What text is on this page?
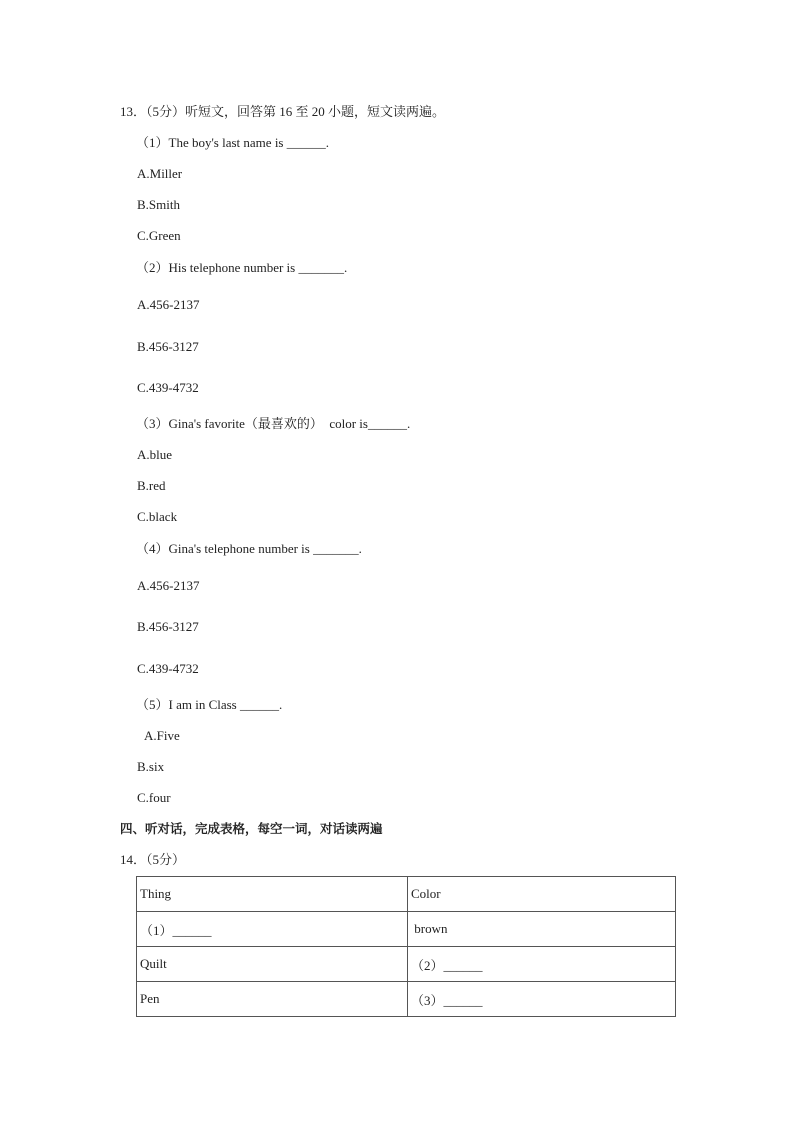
13．（5分）听短文，回答第 16 至 20 小题，短文读两遍。
（1）The boy's last name is ______.
A.Miller
B.Smith
C.Green
（2）His telephone number is _______.
A.456-2137
B.456-3127
C.439-4732
（3）Gina's favorite（最喜欢的）  color is______.
A.blue
B.red
C.black
（4）Gina's telephone number is _______.
A.456-2137
B.456-3127
C.439-4732
（5）I am in Class ______.
A.Five
B.six
C.four
四、听对话，完成表格，每空一词，对话读两遍
14．（5分）
Thing	Color
（1）______	brown
Quilt	（2）______
Pen	（3）______
